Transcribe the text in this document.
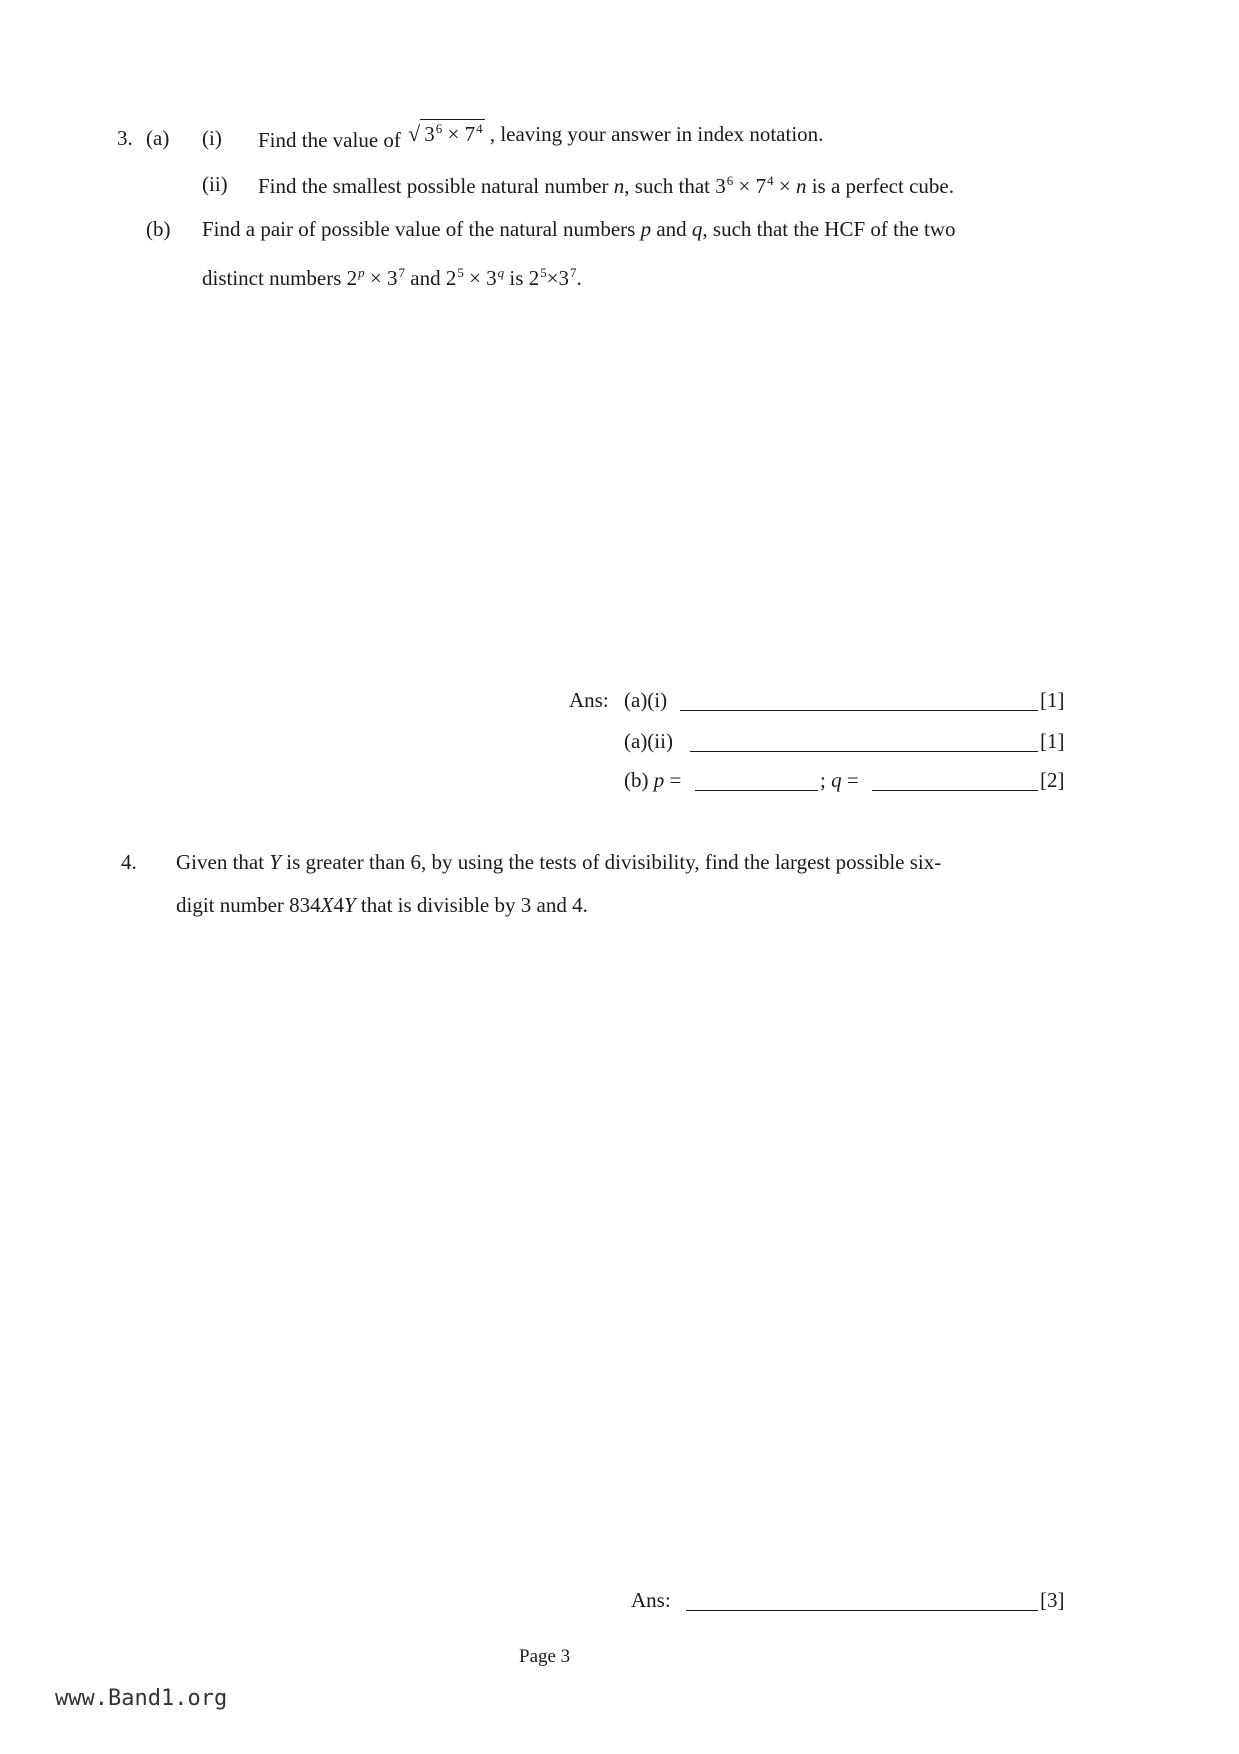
3. (a) (i) Find the value of √ $3^6 \times 7^4$ , leaving your answer in index notation.
(ii) Find the smallest possible natural number n, such that $3^6 \times 7^4 \times n$ is a perfect cube.
(b) Find a pair of possible value of the natural numbers p and q, such that the HCF of the two
distinct numbers $2^p \times 3^7$ and $2^5 \times 3^q$ is $2^5\times 3^7$.
Ans: (a)(i)	[1]
(a)(ii)	[1]
(b) p =	; q =	[2]
4. Given that Y is greater than 6, by using the tests of divisibility, find the largest possible six-
digit number 834X4Y that is divisible by 3 and 4.
Ans:	[3]
Page 3
www.Band1.org
